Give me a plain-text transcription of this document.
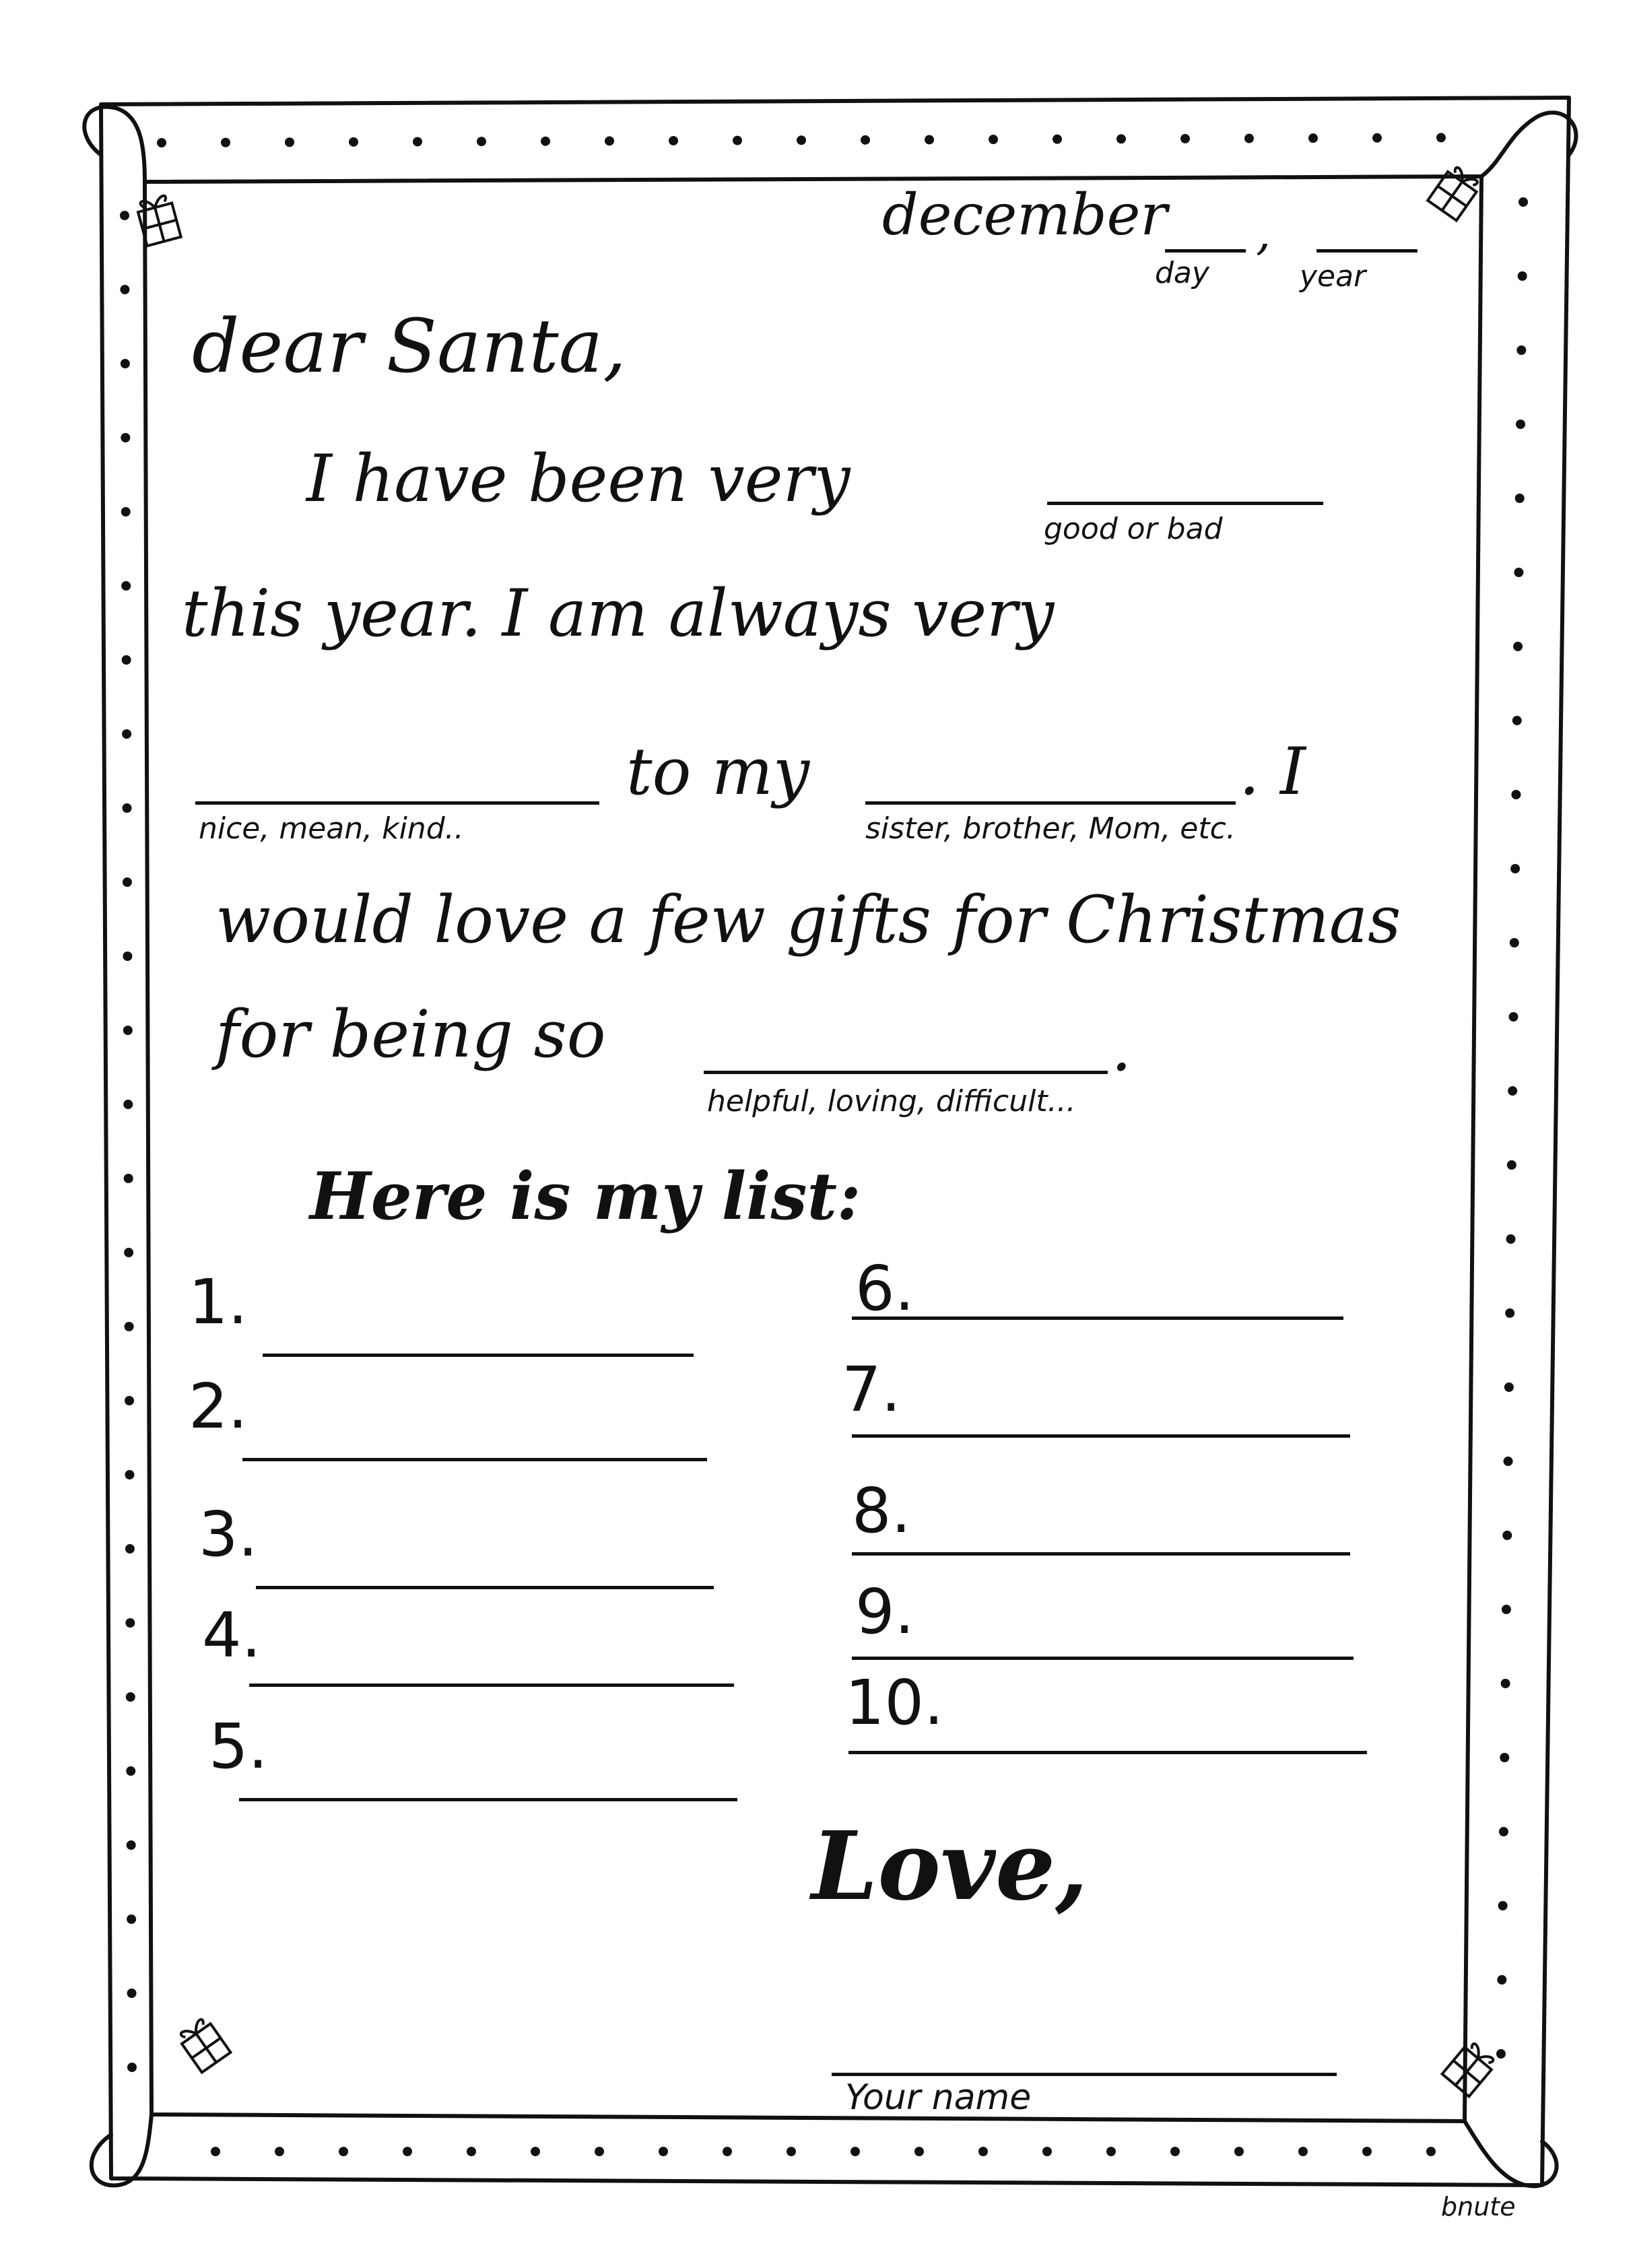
december ,
day	year
dear Santa,
I have been very
good or bad
this year. I am always very
nice, mean, kind..
to my
sister, brother, Mom, etc.
. I
would love a few gifts for Christmas
for being so	.
helpful, loving, difficult...
Here is my list:
1.
2.
3.
4.
5.
6.
7.
8.
9.
10.
Love,
Your name
bnute
